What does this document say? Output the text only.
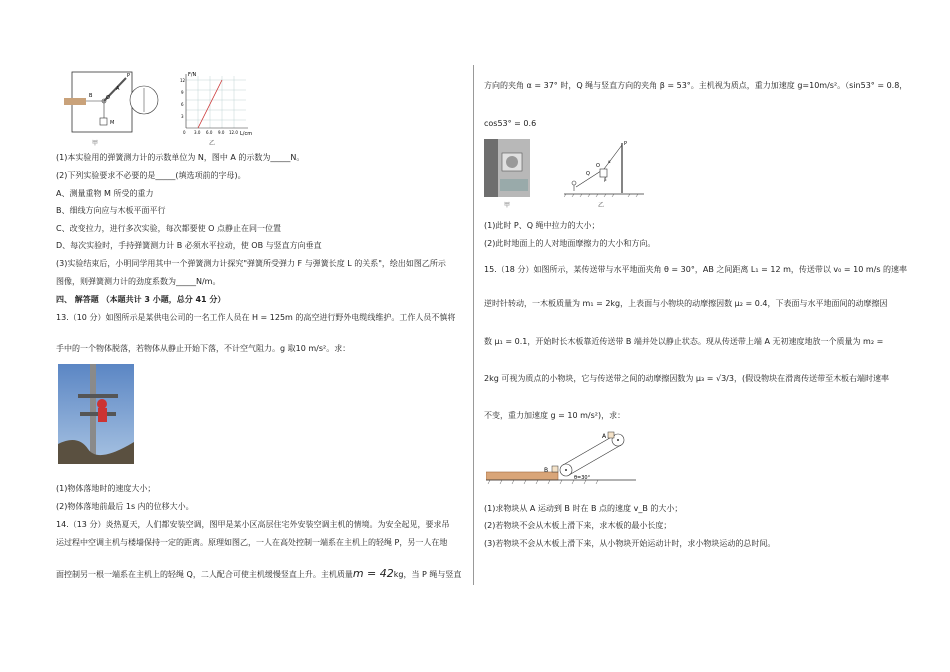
B	O
A
P
M
甲
F/N
L/cm
12
9
6
3
0 3.0 6.0 9.0 12.0
乙
(1)本实验用的弹簧测力计的示数单位为 N，图中 A 的示数为_____N。
(2)下列实验要求不必要的是_____(填选项前的字母)。
A、测量重物 M 所受的重力
B、细线方向应与木板平面平行
C、改变拉力，进行多次实验，每次都要使 O 点静止在同一位置
D、每次实验时，手持弹簧测力计 B 必须水平拉动，使 OB 与竖直方向垂直
(3)实验结束后，小明同学用其中一个弹簧测力计探究"弹簧所受弹力 F 与弹簧长度 L 的关系"，绘出如图乙所示
图像，则弹簧测力计的劲度系数为_____N/m。
四、 解答题 （本题共计 3 小题，总分 41 分）
13.（10 分）如图所示是某供电公司的一名工作人员在 H = 125m 的高空进行野外电缆线维护。工作人员不慎将
手中的一个物体脱落，若物体从静止开始下落，不计空气阻力。g 取10 m/s²。求：
(1)物体落地时的速度大小；
(2)物体落地前最后 1s 内的位移大小。
14.（13 分）炎热夏天，人们都安装空调，图甲是某小区高层住宅外安装空调主机的情境。为安全起见，要求吊
运过程中空调主机与楼墙保持一定的距离。原理如图乙，一人在高处控制一端系在主机上的轻绳 P，另一人在地
面控制另一根一端系在主机上的轻绳 Q，二人配合可使主机缓慢竖直上升。主机质量m = 42kg，当 P 绳与竖直
方向的夹角 α = 37° 时，Q 绳与竖直方向的夹角 β = 53°。主机视为质点，重力加速度 g=10m/s²。（sin53° = 0.8，
cos53° = 0.6
甲
P
Q
O
α
β
乙
(1)此时 P、Q 绳中拉力的大小；
(2)此时地面上的人对地面摩擦力的大小和方向。
15.（18 分）如图所示，某传送带与水平地面夹角 θ = 30°，AB 之间距离 L₁ = 12 m，传送带以 v₀ = 10 m/s 的速率
逆时针转动，一木板质量为 m₁ = 2kg，上表面与小物块的动摩擦因数 μ₂ = 0.4，下表面与水平地面间的动摩擦因
数 μ₁ = 0.1，开始时长木板靠近传送带 B 端并处以静止状态。现从传送带上端 A 无初速度地放一个质量为 m₂ =
2kg 可视为质点的小物块，它与传送带之间的动摩擦因数为 μ₃ = √3/3，(假设物块在滑离传送带至木板右端时速率
不变，重力加速度 g = 10 m/s²)，求：
B
A
θ=30°
(1)求物块从 A 运动到 B 时在 B 点的速度 v_B 的大小；
(2)若物块不会从木板上滑下来，求木板的最小长度；
(3)若物块不会从木板上滑下来，从小物块开始运动计时，求小物块运动的总时间。
